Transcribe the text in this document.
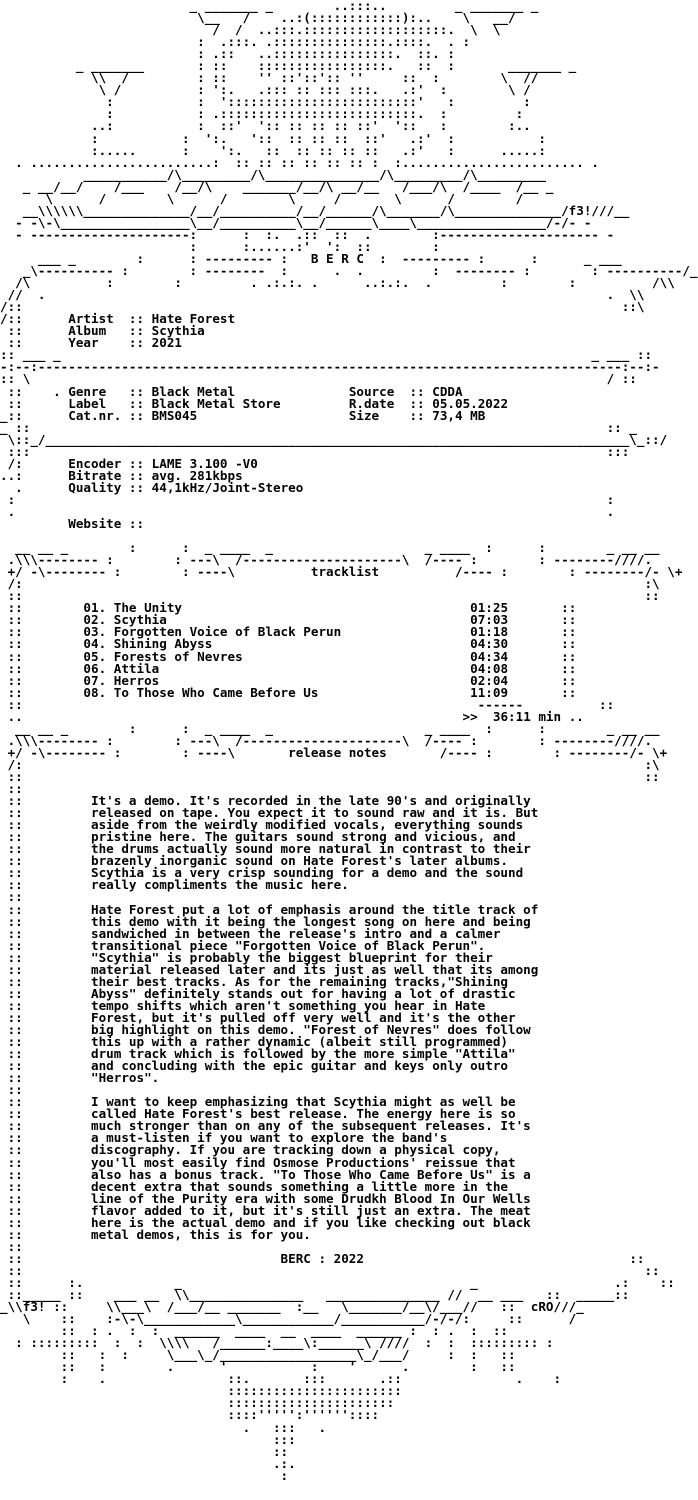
_ _______ _        ..:::..         _ _______ _
\__   /    ..:(::::::::::::):..    \   __/
/  /  ..:::.:::::::::::::::::::.  \  \
:  .:::. .:::::::::::::::.::::.  . :
: .::   ..::::::::::::::::.  ::. :
_ _______       : ::    :::::::::::::::::.   ::  :       _______ _
\\  /         : ::    '' ::'::':: ''     ::  :        \  //
\ /          : ':.   .::: :: ::: :::.   .:'  :        \ /
:           :  ':::::::::::::::::::::::::'   :         :
:           : .::::::::::::::::::::::::::.  :         :
..:           :  ::'  ':: :: :: :: ::'  '::   :        :..
:           :  ':.   '::  :: :: ::  ::'   .:'  :           :
:.....      :    ':.   ::  :: :: :: ::   .:'   :      .....:
. ........................:  :: :: :: :: :: :: :  :........................ .
___________/\_________/\_______________/\_________/\_________
_ __/__/    /___    /__/\    _______/__/\ __/__   /___/\  /____  /__ _
\      /        \      /        \     /       \      /        /
__\\\\\\______________/__/__________/__/______/\_______/\______________/f3!///__
- -\-\_________________\__/__________\__/______\____\_________________/-/- -
- ---------------------:      :  :.  .::  ::  .        :--------------------- -
:      :......:'  ':  ::        :
___ _        :      : --------- :   B E R C  :  --------- :      :      _ ___
_\---------- :        : --------  :      .  .         :  -------- :        : ----------/_
/\          :        :         . .:.:. .      ..:.:.  .         :        :          /\\
//  .                                                                          .  \\
/::                                                                               ::\
/::      Artist  :: Hate Forest
::      Album   :: Scythia
::      Year    :: 2021
:: ___ _                                                                      _ ___ ::
-:--:-----------------------------------------------------------------------------:--:-
:: \                                                                            / ::
::    . Genre   :: Black Metal               Source  :: CDDA
::      Label   :: Black Metal Store         R.date  :: 05.05.2022
_::      Cat.nr. :: BMS045                    Size    :: 73,4 MB
_ ::                                                                            :: _
\::_/_____________________________________________________________________________\_::/
:::                                                                            :::
/:      Encoder :: LAME 3.100 -V0
..:      Bitrate :: avg. 281kbps
.      Quality :: 44,1kHz/Joint-Stereo
:                                                                              :
.                                                                              .
Website ::

__ __ _        :      :  _ ____  _                    _ ____  :      :        _ __ __
.\\\-------- :        : ---\  /---------------------\  /---- :        : --------////.
+/ -\-------- :        : ----\          tracklist          /---- :        : --------/- \+
/:                                                                                  :\
::                                                                                  ::
::        01. The Unity                                      01:25       ::
::        02. Scythia                                        07:03       ::
::        03. Forgotten Voice of Black Perun                 01:18       ::
::        04. Shining Abyss                                  04:30       ::
::        05. Forests of Nevres                              04:34       ::
::        06. Attila                                         04:08       ::
::        07. Herros                                         02:04       ::
::        08. To Those Who Came Before Us                    11:09       ::
::                                                            ------          ::
..                                                          >> 36:11 min ..
__ __ _        :      :  _ ____  _                    _ ____  :      :        _ __ __
.\\\-------- :        : ---\  /---------------------\  /---- :        : --------////.
+/ -\-------- :        : ----\       release notes       /---- :        : --------/- \+
/:                                                                                  :\
::                                                                                  ::
::
::         It's a demo. It's recorded in the late 90's and originally
::         released on tape. You expect it to sound raw and it is. But
::         aside from the weirdly modified vocals, everything sounds
::         pristine here. The guitars sound strong and vicious, and
::         the drums actually sound more natural in contrast to their
::         brazenly inorganic sound on Hate Forest's later albums.
::         Scythia is a very crisp sounding for a demo and the sound
::         really compliments the music here.
::
::         Hate Forest put a lot of emphasis around the title track of
::         this demo with it being the longest song on here and being
::         sandwiched in between the release's intro and a calmer
::         transitional piece "Forgotten Voice of Black Perun".
::         "Scythia" is probably the biggest blueprint for their
::         material released later and its just as well that its among
::         their best tracks. As for the remaining tracks,"Shining
::         Abyss" definitely stands out for having a lot of drastic
::         tempo shifts which aren't something you hear in Hate
::         Forest, but it's pulled off very well and it's the other
::         big highlight on this demo. "Forest of Nevres" does follow
::         this up with a rather dynamic (albeit still programmed)
::         drum track which is followed by the more simple "Attila"
::         and concluding with the epic guitar and keys only outro
::         "Herros".
::
::         I want to keep emphasizing that Scythia might as well be
::         called Hate Forest's best release. The energy here is so
::         much stronger than on any of the subsequent releases. It's
::         a must-listen if you want to explore the band's
::         discography. If you are tracking down a physical copy,
::         you'll most easily find Osmose Productions' reissue that
::         also has a bonus track. "To Those Who Came Before Us" is a
::         decent extra that sounds something a little more in the
::         line of the Purity era with some Drudkh Blood In Our Wells
::         flavor added to it, but it's still just an extra. The meat
::         here is the actual demo and if you like checking out black
::         metal demos, this is for you.
::
::                                  BERC : 2022                                   ::
::                                                                                  ::
::      :.            _                                      _                  .:    ::
::_____ ::    ___ __  \\_______________   _______________ //  __ ___   ::  _____::
_\\f3! ::     \\___\  /___/__ _______  :__   \_______/__\/___//   ::  cRO///_
\    ::    :-\-\____________\____________/___________/-/-/:     ::      /
::  : .  :  :  ______  ____  __  ____  ______ :  : .  :  ::
: :::::::::  :  :  \\\\   /______:____\:______\ ////  :  :  ::::::::: :
::   :  :     \___\_/__________________\_/___/     :  :   ::
::   :        .      '           :    '      .        :   ::
:    .                ::.       :::       .::               .    :
:::::::::::::::::::::::
::::::::::::::::::::::
::::''''':''''''::::
.   :::   .
:::
::
.:.
:
